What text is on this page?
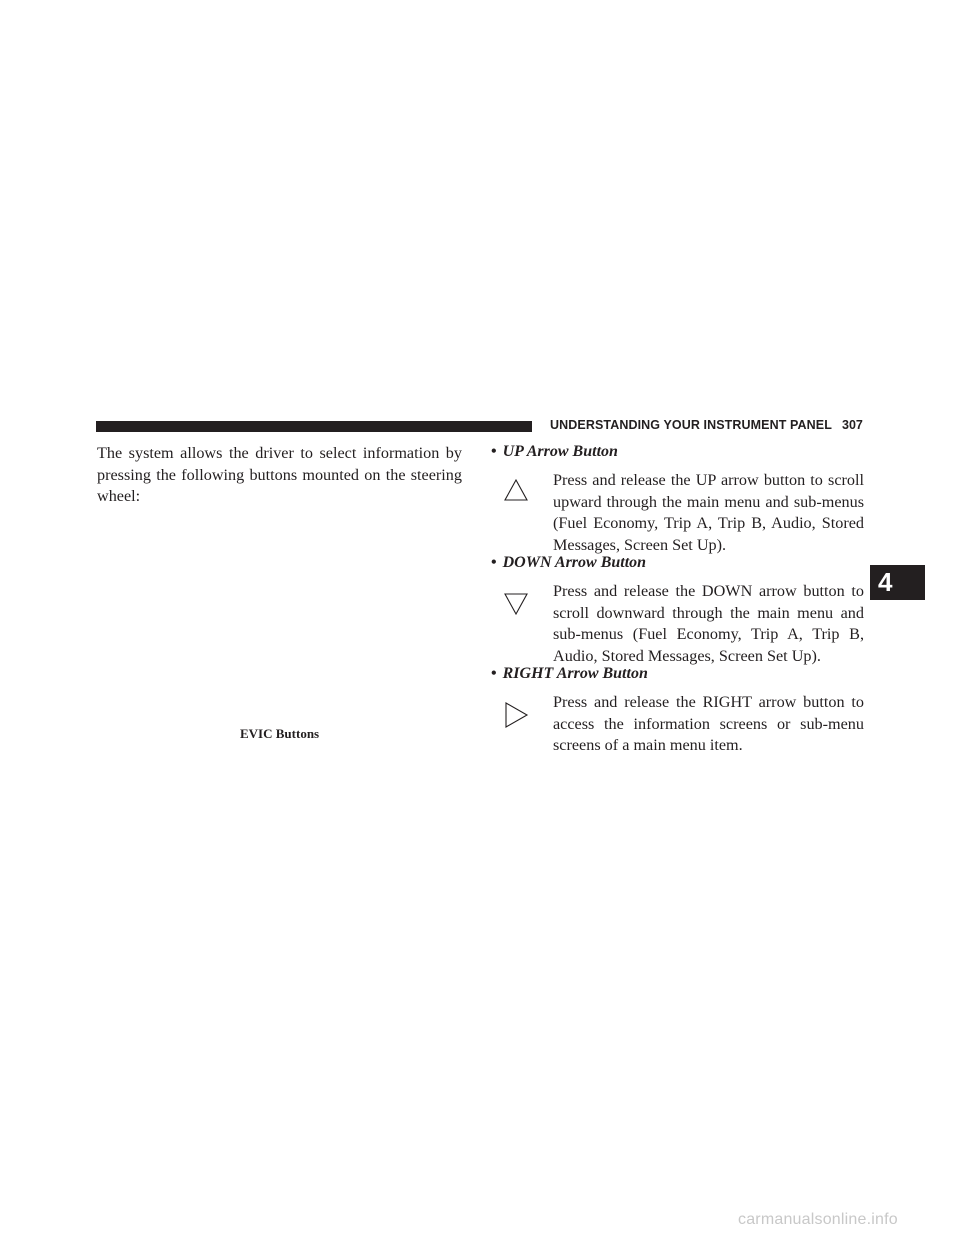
UNDERSTANDING YOUR INSTRUMENT PANEL 307
The system allows the driver to select information by pressing the following buttons mounted on the steering wheel:
EVIC Buttons
• UP Arrow Button
Press and release the UP arrow button to scroll upward through the main menu and sub-menus (Fuel Economy, Trip A, Trip B, Audio, Stored Messages, Screen Set Up).
• DOWN Arrow Button
Press and release the DOWN arrow button to scroll downward through the main menu and sub-menus (Fuel Economy, Trip A, Trip B, Audio, Stored Messages, Screen Set Up).
• RIGHT Arrow Button
Press and release the RIGHT arrow button to access the information screens or sub-menu screens of a main menu item.
4
carmanualsonline.info
